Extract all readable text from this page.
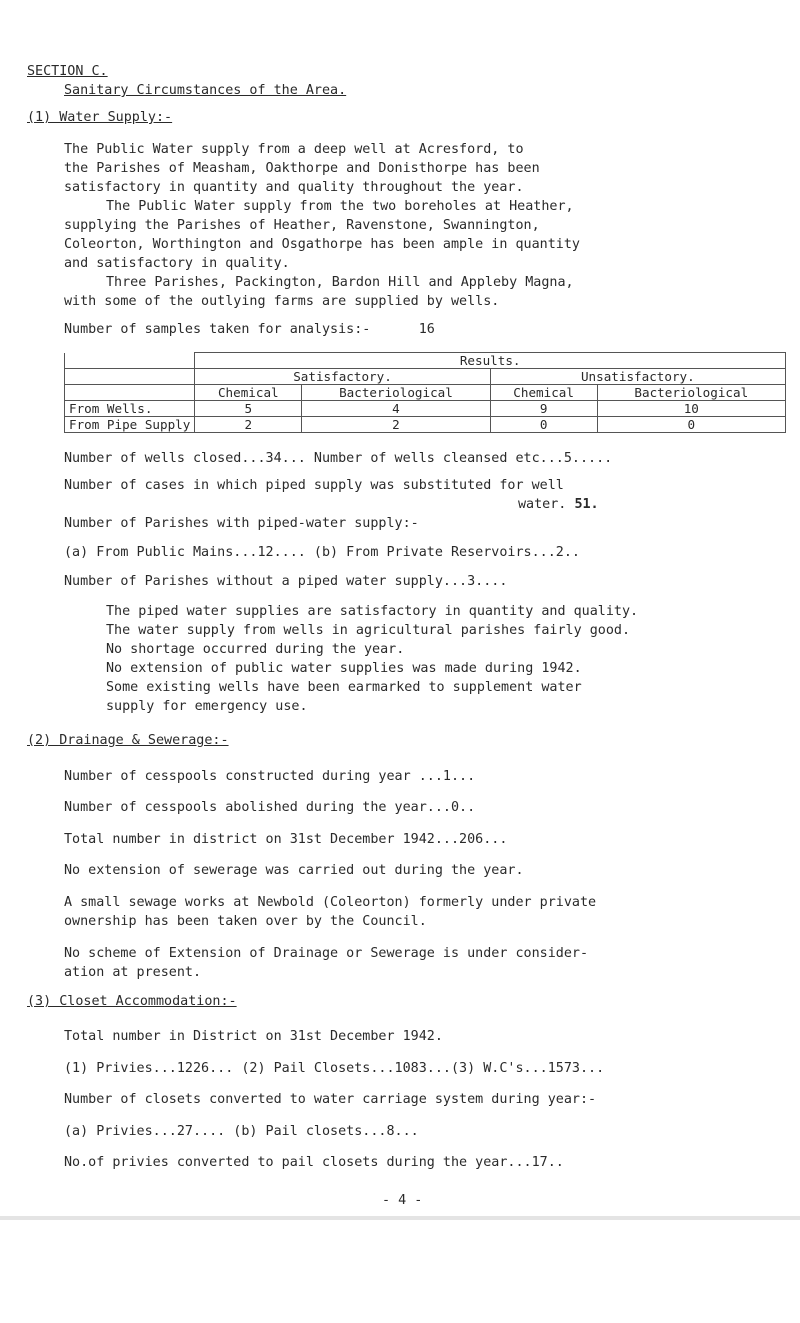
SECTION C.
Sanitary Circumstances of the Area.
(1) Water Supply:-
The Public Water supply from a deep well at Acresford, to
the Parishes of Measham, Oakthorpe and Donisthorpe has been
satisfactory in quantity and quality throughout the year.
The Public Water supply from the two boreholes at Heather,
supplying the Parishes of Heather, Ravenstone, Swannington,
Coleorton, Worthington and Osgathorpe has been ample in quantity
and satisfactory in quality.
Three Parishes, Packington, Bardon Hill and Appleby Magna,
with some of the outlying farms are supplied by wells.
Number of samples taken for analysis:-      16
	Results.			
	Satisfactory.		Unsatisfactory.	
	Chemical	Bacteriological	Chemical	Bacteriological
From Wells.	5	4	9	10
From Pipe Supply	2	2	0	0
Number of wells closed...34... Number of wells cleansed etc...5.....
Number of cases in which piped supply was substituted for well
water. 51.
Number of Parishes with piped-water supply:-
(a) From Public Mains...12.... (b) From Private Reservoirs...2..
Number of Parishes without a piped water supply...3....
The piped water supplies are satisfactory in quantity and quality.
The water supply from wells in agricultural parishes fairly good.
No shortage occurred during the year.
No extension of public water supplies was made during 1942.
Some existing wells have been earmarked to supplement water
supply for emergency use.
(2) Drainage & Sewerage:-
Number of cesspools constructed during year ...1...
Number of cesspools abolished during the year...0..
Total number in district on 31st December 1942...206...
No extension of sewerage was carried out during the year.
A small sewage works at Newbold (Coleorton) formerly under private
ownership has been taken over by the Council.
No scheme of Extension of Drainage or Sewerage is under consider-
ation at present.
(3) Closet Accommodation:-
Total number in District on 31st December 1942.
(1) Privies...1226... (2) Pail Closets...1083...(3) W.C's...1573...
Number of closets converted to water carriage system during year:-
(a) Privies...27.... (b) Pail closets...8...
No.of privies converted to pail closets during the year...17..
- 4 -
